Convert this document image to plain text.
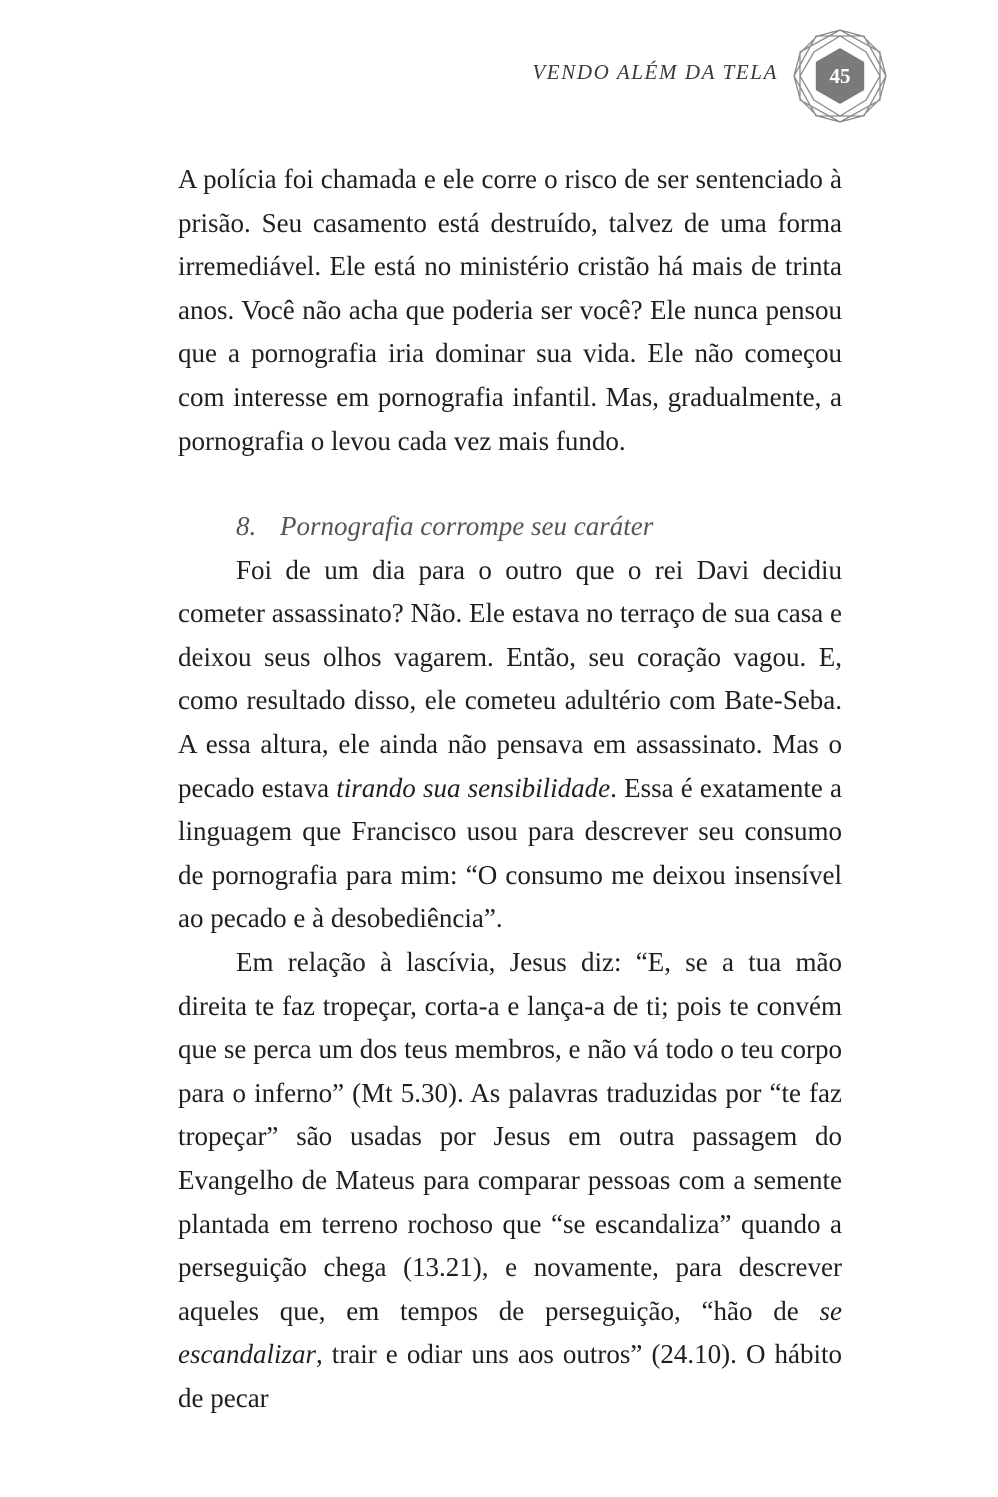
VENDO ALÉM DA TELA	45

A polícia foi chamada e ele corre o risco de ser sentenciado à prisão. Seu casamento está destruído, talvez de uma forma irremediável. Ele está no ministério cristão há mais de trinta anos. Você não acha que poderia ser você? Ele nunca pensou que a pornografia iria dominar sua vida. Ele não começou com interesse em pornografia infantil. Mas, gradualmente, a pornografia o levou cada vez mais fundo.

8. Pornografia corrompe seu caráter

Foi de um dia para o outro que o rei Davi decidiu cometer assassinato? Não. Ele estava no terraço de sua casa e deixou seus olhos vagarem. Então, seu coração vagou. E, como resultado disso, ele cometeu adultério com Bate-Seba. A essa altura, ele ainda não pensava em assassinato. Mas o pecado estava tirando sua sensibilidade. Essa é exatamente a linguagem que Francisco usou para descrever seu consumo de pornografia para mim: “O consumo me deixou insensível ao pecado e à desobediência”.

Em relação à lascívia, Jesus diz: “E, se a tua mão direita te faz tropeçar, corta-a e lança-a de ti; pois te convém que se perca um dos teus membros, e não vá todo o teu corpo para o inferno” (Mt 5.30). As palavras traduzidas por “te faz tropeçar” são usadas por Jesus em outra passagem do Evangelho de Mateus para comparar pessoas com a semente plantada em terreno rochoso que “se escandaliza” quando a perseguição chega (13.21), e novamente, para descrever aqueles que, em tempos de perseguição, “hão de se escandalizar, trair e odiar uns aos outros” (24.10). O hábito de pecar
